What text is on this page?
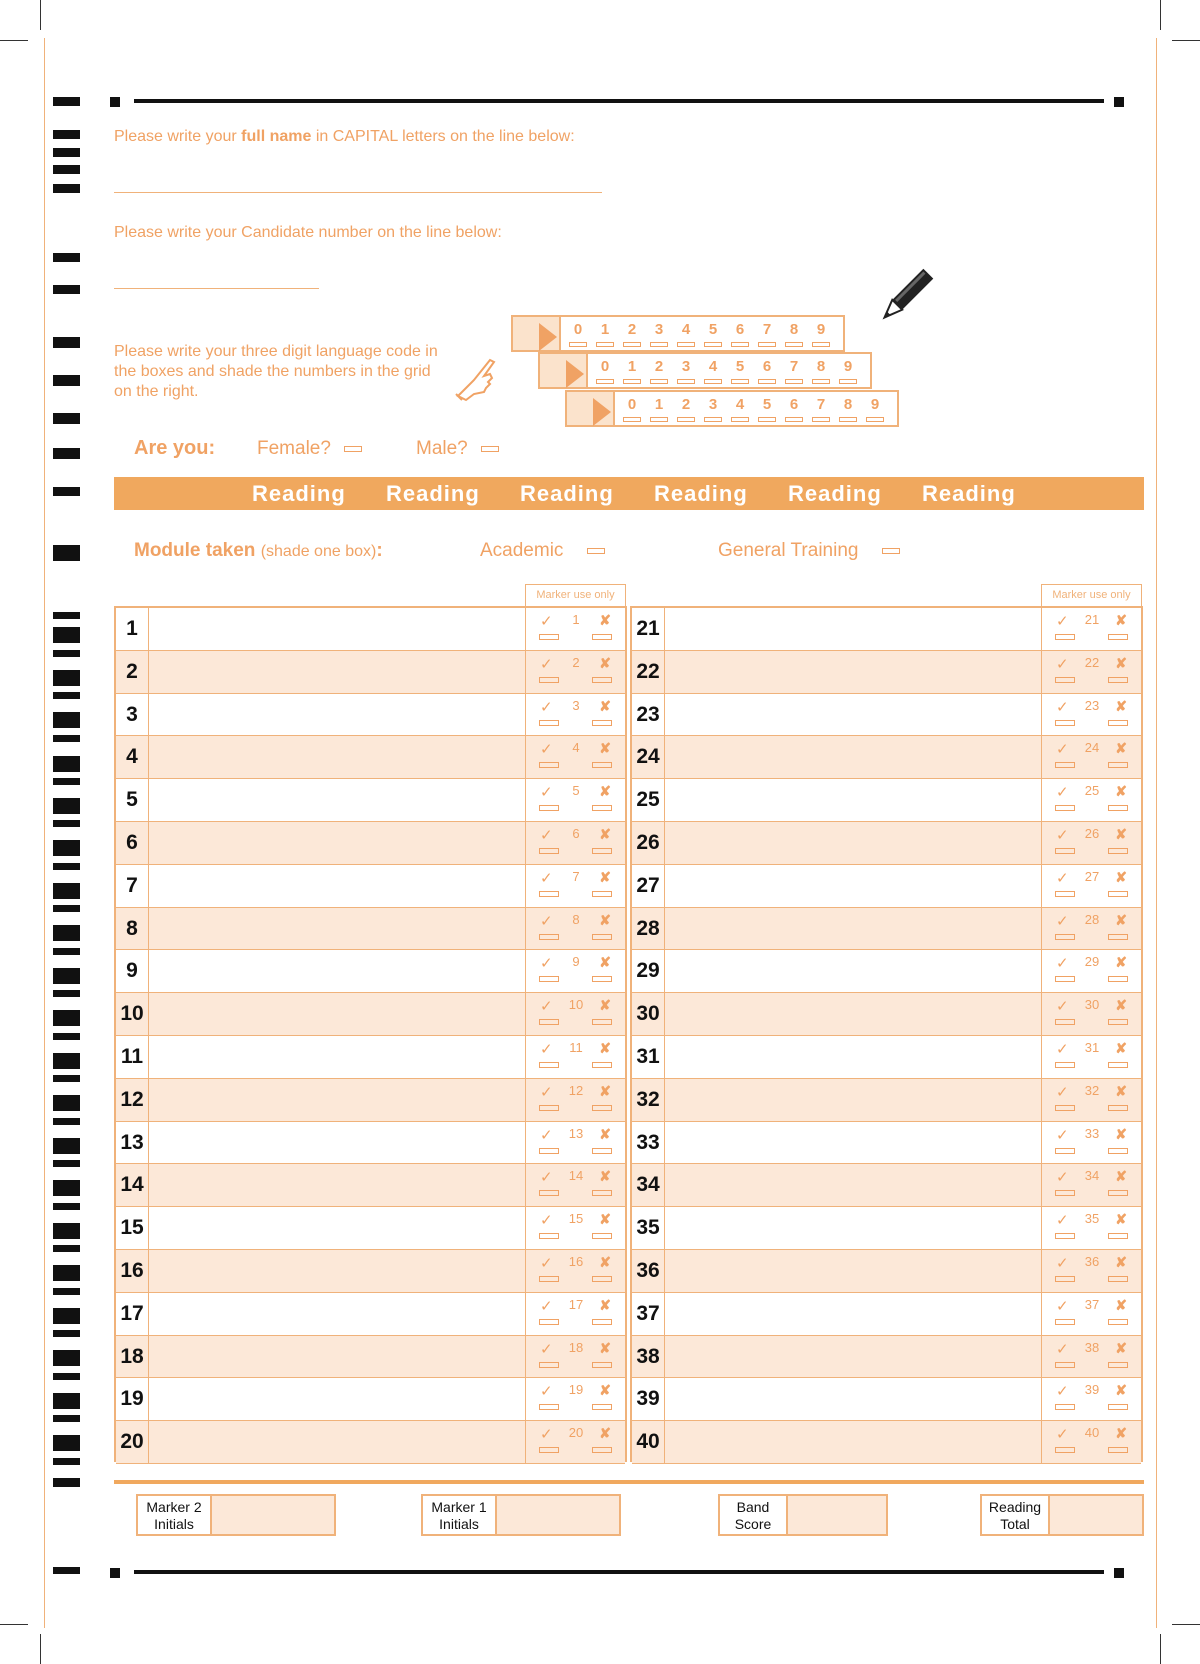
Please write your full name in CAPITAL letters on the line below:
Please write your Candidate number on the line below:
Please write your three digit language code in the boxes and shade the numbers in the grid on the right.
0	1	2	3	4	5	6	7	8	9
0	1	2	3	4	5	6	7	8	9
0	1	2	3	4	5	6	7	8	9
Are you: Female?	Male?
Reading Reading Reading Reading Reading Reading
Module taken (shade one box):	Academic	General Training
Marker use only	Marker use only
1	✓	1	✘
2	✓	2	✘
3	✓	3	✘
4	✓	4	✘
5	✓	5	✘
6	✓	6	✘
7	✓	7	✘
8	✓	8	✘
9	✓	9	✘
10	✓	10	✘
11	✓	11	✘
12	✓	12	✘
13	✓	13	✘
14	✓	14	✘
15	✓	15	✘
16	✓	16	✘
17	✓	17	✘
18	✓	18	✘
19	✓	19	✘
20	✓	20	✘
21	✓	21	✘
22	✓	22	✘
23	✓	23	✘
24	✓	24	✘
25	✓	25	✘
26	✓	26	✘
27	✓	27	✘
28	✓	28	✘
29	✓	29	✘
30	✓	30	✘
31	✓	31	✘
32	✓	32	✘
33	✓	33	✘
34	✓	34	✘
35	✓	35	✘
36	✓	36	✘
37	✓	37	✘
38	✓	38	✘
39	✓	39	✘
40	✓	40	✘
Marker 2 Initials
Marker 1 Initials
Band Score
Reading Total
